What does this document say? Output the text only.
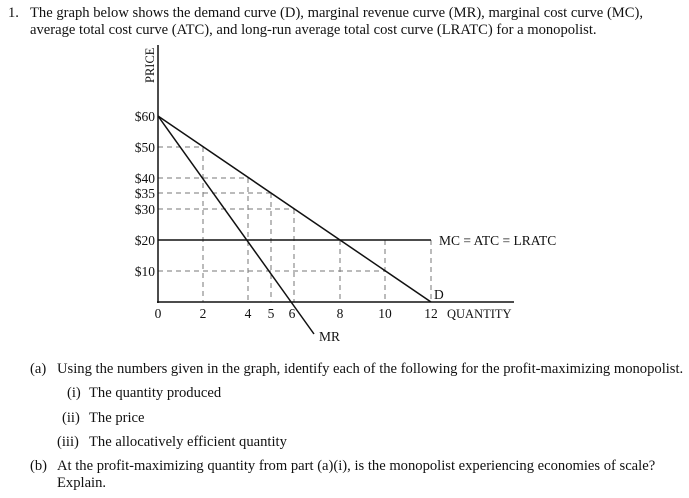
1. The graph below shows the demand curve (D), marginal revenue curve (MR), marginal cost curve (MC),
average total cost curve (ATC), and long-run average total cost curve (LRATC) for a monopolist.
PRICE
$60
$50
$40
$35
$30
$20
$10
0	2	4 5 6	8	10 12 QUANTITY
D
MR
MC = ATC = LRATC
(a) Using the numbers given in the graph, identify each of the following for the profit-maximizing monopolist.
(i) The quantity produced
(ii) The price
(iii) The allocatively efficient quantity
(b) At the profit-maximizing quantity from part (a)(i), is the monopolist experiencing economies of scale?
Explain.
